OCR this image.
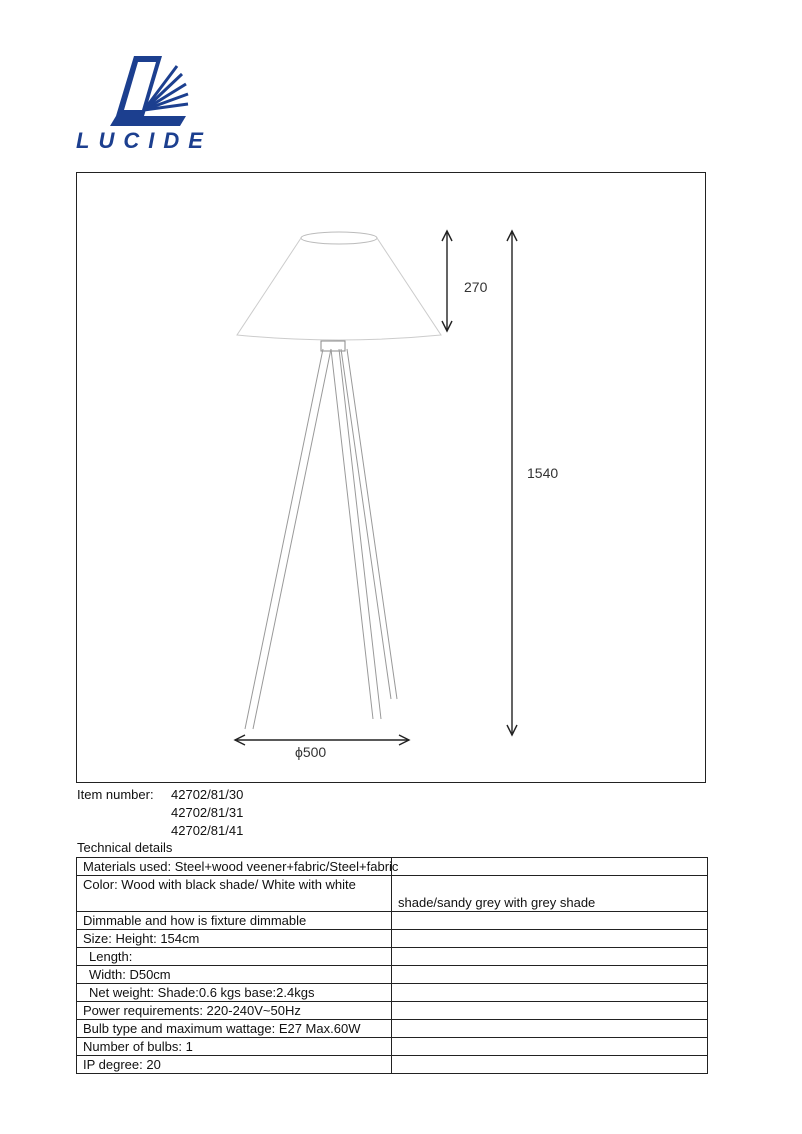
LUCIDE
270
1540
ϕ500
Item number: 42702/81/30
42702/81/31
42702/81/41
Technical details
Materials used: Steel+wood veener+fabric/Steel+fabric	
Color: Wood with black shade/ White with white	shade/sandy grey with grey shade
Dimmable and how is fixture dimmable	
Size: Height: 154cm	
Length:	
Width: D50cm	
Net weight: Shade:0.6 kgs base:2.4kgs	
Power requirements: 220-240V~50Hz	
Bulb type and maximum wattage: E27 Max.60W	
Number of bulbs: 1	
IP degree: 20	
